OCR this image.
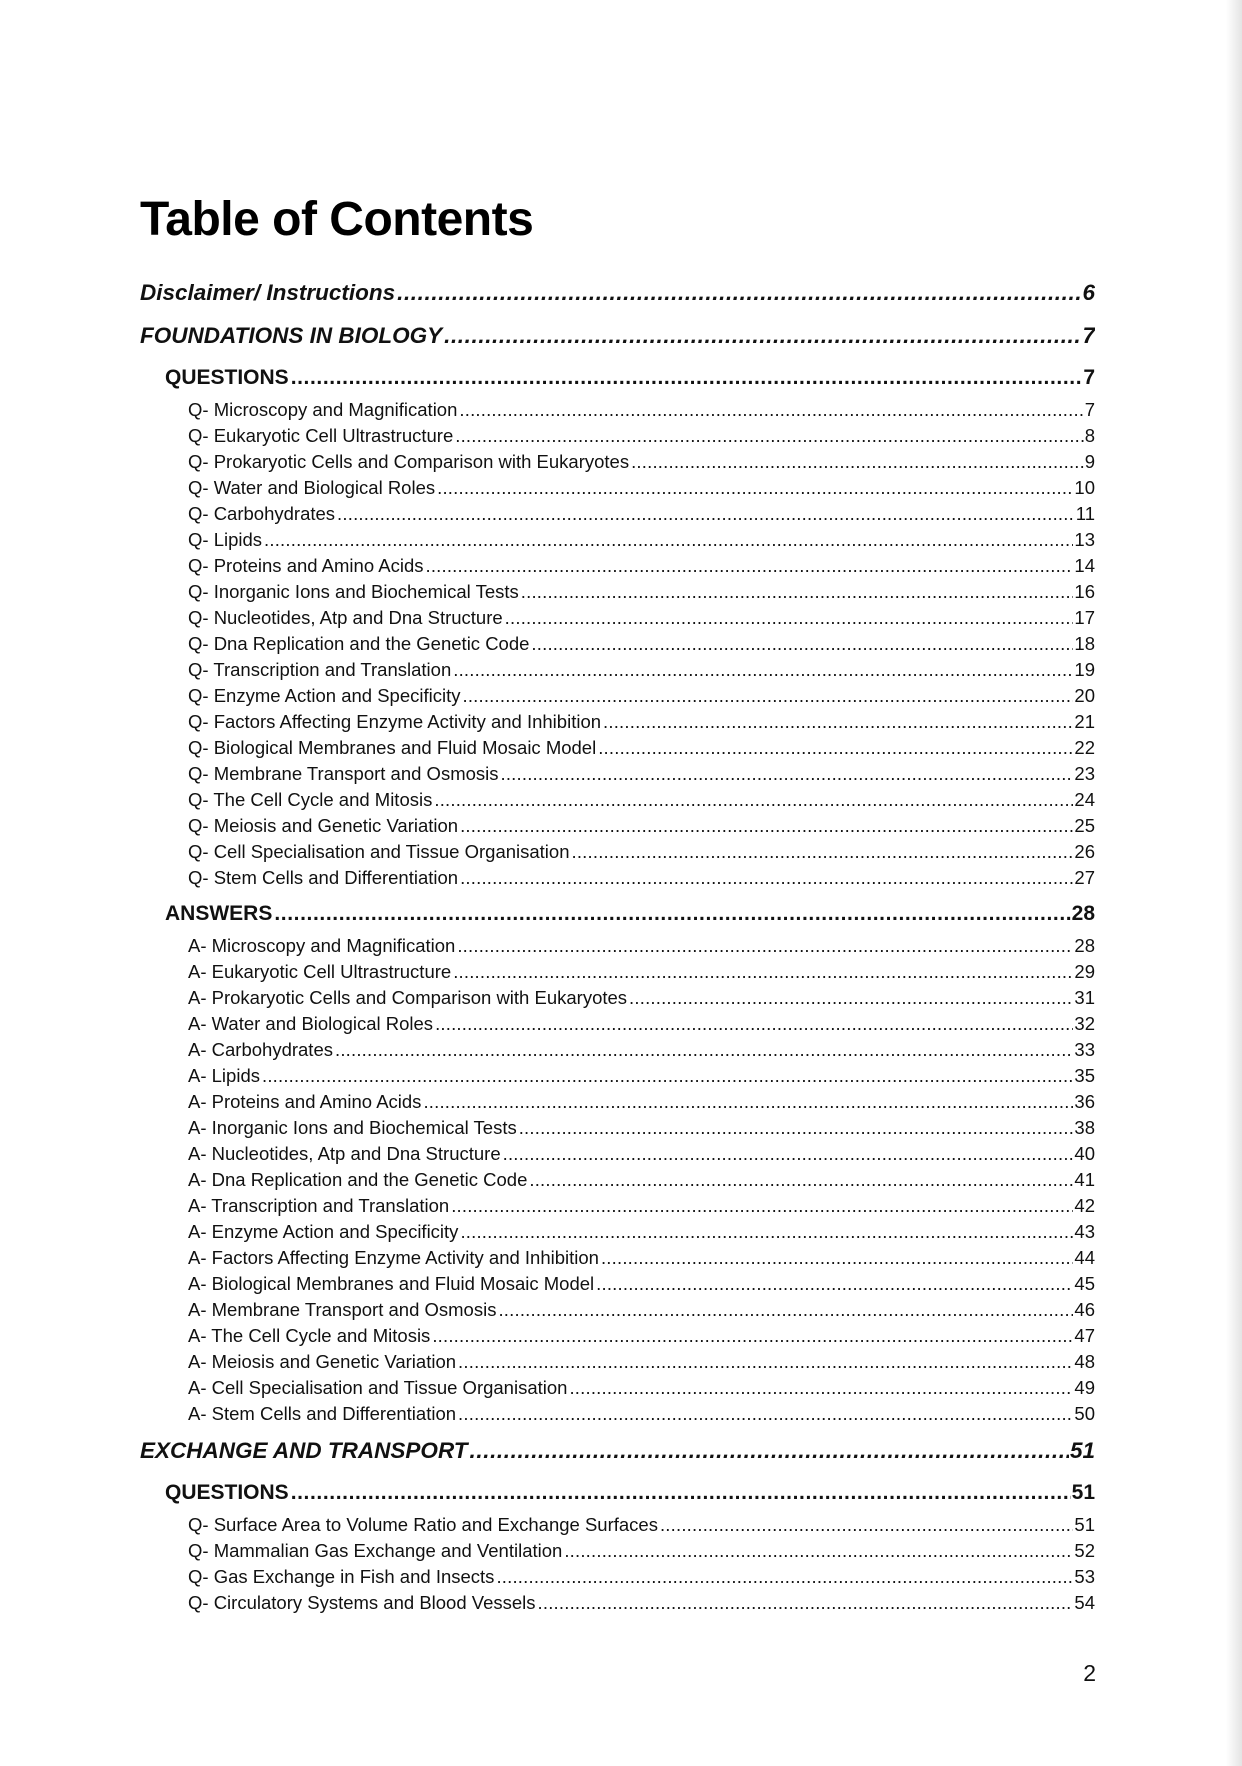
Table of Contents
Disclaimer/ Instructions .....	6
FOUNDATIONS IN BIOLOGY .....	7
QUESTIONS .....	7
Q- Microscopy and Magnification .....	7
Q- Eukaryotic Cell Ultrastructure .....	8
Q- Prokaryotic Cells and Comparison with Eukaryotes .....	9
Q- Water and Biological Roles .....	10
Q- Carbohydrates .....	11
Q- Lipids .....	13
Q- Proteins and Amino Acids .....	14
Q- Inorganic Ions and Biochemical Tests .....	16
Q- Nucleotides, Atp and Dna Structure .....	17
Q- Dna Replication and the Genetic Code .....	18
Q- Transcription and Translation .....	19
Q- Enzyme Action and Specificity .....	20
Q- Factors Affecting Enzyme Activity and Inhibition .....	21
Q- Biological Membranes and Fluid Mosaic Model .....	22
Q- Membrane Transport and Osmosis .....	23
Q- The Cell Cycle and Mitosis .....	24
Q- Meiosis and Genetic Variation .....	25
Q- Cell Specialisation and Tissue Organisation .....	26
Q- Stem Cells and Differentiation .....	27
ANSWERS .....	28
A- Microscopy and Magnification .....	28
A- Eukaryotic Cell Ultrastructure .....	29
A- Prokaryotic Cells and Comparison with Eukaryotes .....	31
A- Water and Biological Roles .....	32
A- Carbohydrates .....	33
A- Lipids .....	35
A- Proteins and Amino Acids .....	36
A- Inorganic Ions and Biochemical Tests .....	38
A- Nucleotides, Atp and Dna Structure .....	40
A- Dna Replication and the Genetic Code .....	41
A- Transcription and Translation .....	42
A- Enzyme Action and Specificity .....	43
A- Factors Affecting Enzyme Activity and Inhibition .....	44
A- Biological Membranes and Fluid Mosaic Model .....	45
A- Membrane Transport and Osmosis .....	46
A- The Cell Cycle and Mitosis .....	47
A- Meiosis and Genetic Variation .....	48
A- Cell Specialisation and Tissue Organisation .....	49
A- Stem Cells and Differentiation .....	50
EXCHANGE AND TRANSPORT .....	51
QUESTIONS .....	51
Q- Surface Area to Volume Ratio and Exchange Surfaces .....	51
Q- Mammalian Gas Exchange and Ventilation .....	52
Q- Gas Exchange in Fish and Insects .....	53
Q- Circulatory Systems and Blood Vessels .....	54
2
